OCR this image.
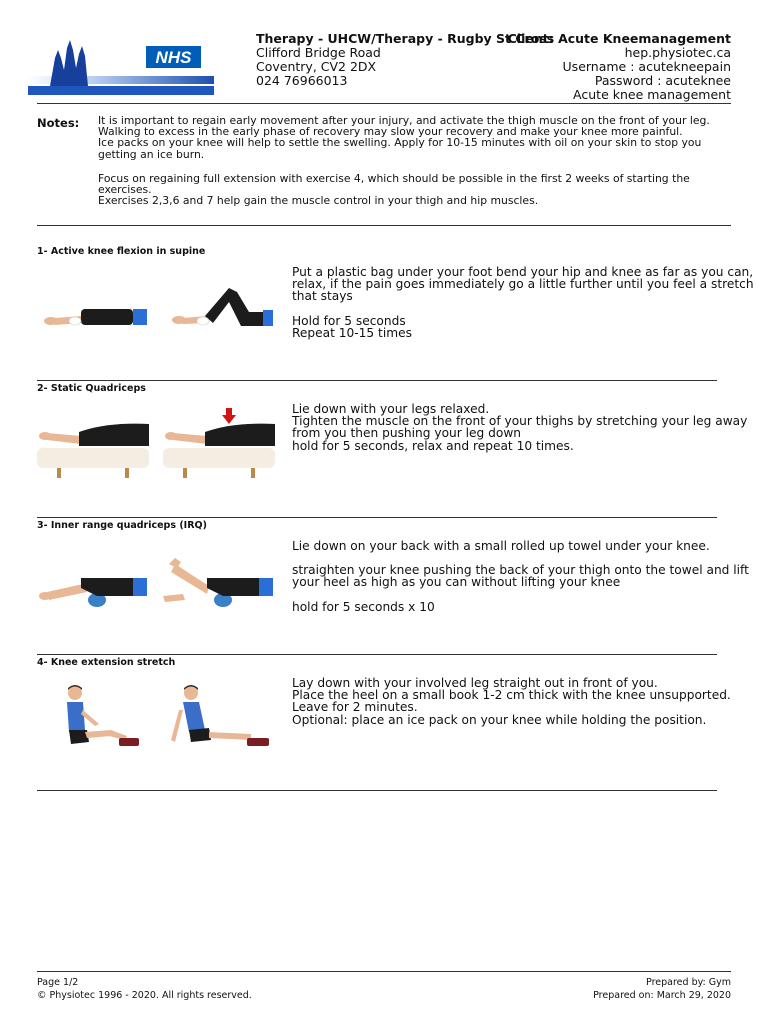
NHS
Therapy - UHCW/Therapy - Rugby St Cross
Clifford Bridge Road
Coventry, CV2 2DX
024 76966013
Client: Acute Kneemanagement
hep.physiotec.ca
Username : acutekneepain
Password : acuteknee
Acute knee management
Notes: It is important to regain early movement after your injury, and activate the thigh muscle on the front of your leg.

Walking to excess in the early phase of recovery may slow your recovery and make your knee more painful.

Ice packs on your knee will help to settle the swelling. Apply for 10-15 minutes with oil on your skin to stop you getting an ice burn.

Focus on regaining full extension with exercise 4, which should be possible in the first 2 weeks of starting the exercises.

Exercises 2,3,6 and 7 help gain the muscle control in your thigh and hip muscles.

1- Active knee flexion in supine

Put a plastic bag under your foot bend your hip and knee as far as you can, relax, if the pain goes immediately go a little further until you feel a stretch that stays

Hold for 5 seconds

Repeat 10-15 times

2- Static Quadriceps

Lie down with your legs relaxed.

Tighten the muscle on the front of your thighs by stretching your leg away from you then pushing your leg down

hold for 5 seconds, relax and repeat 10 times.

3- Inner range quadriceps (IRQ)

Lie down on your back with a small rolled up towel under your knee.

straighten your knee pushing the back of your thigh onto the towel and lift your heel as high as you can without lifting your knee

hold for 5 seconds x 10

4- Knee extension stretch

Lay down with your involved leg straight out in front of you.

Place the heel on a small book 1-2 cm thick with the knee unsupported. Leave for 2 minutes.

Optional: place an ice pack on your knee while holding the position.

Page 1/2
© Physiotec 1996 - 2020. All rights reserved.
Prepared by: Gym
Prepared on: March 29, 2020
